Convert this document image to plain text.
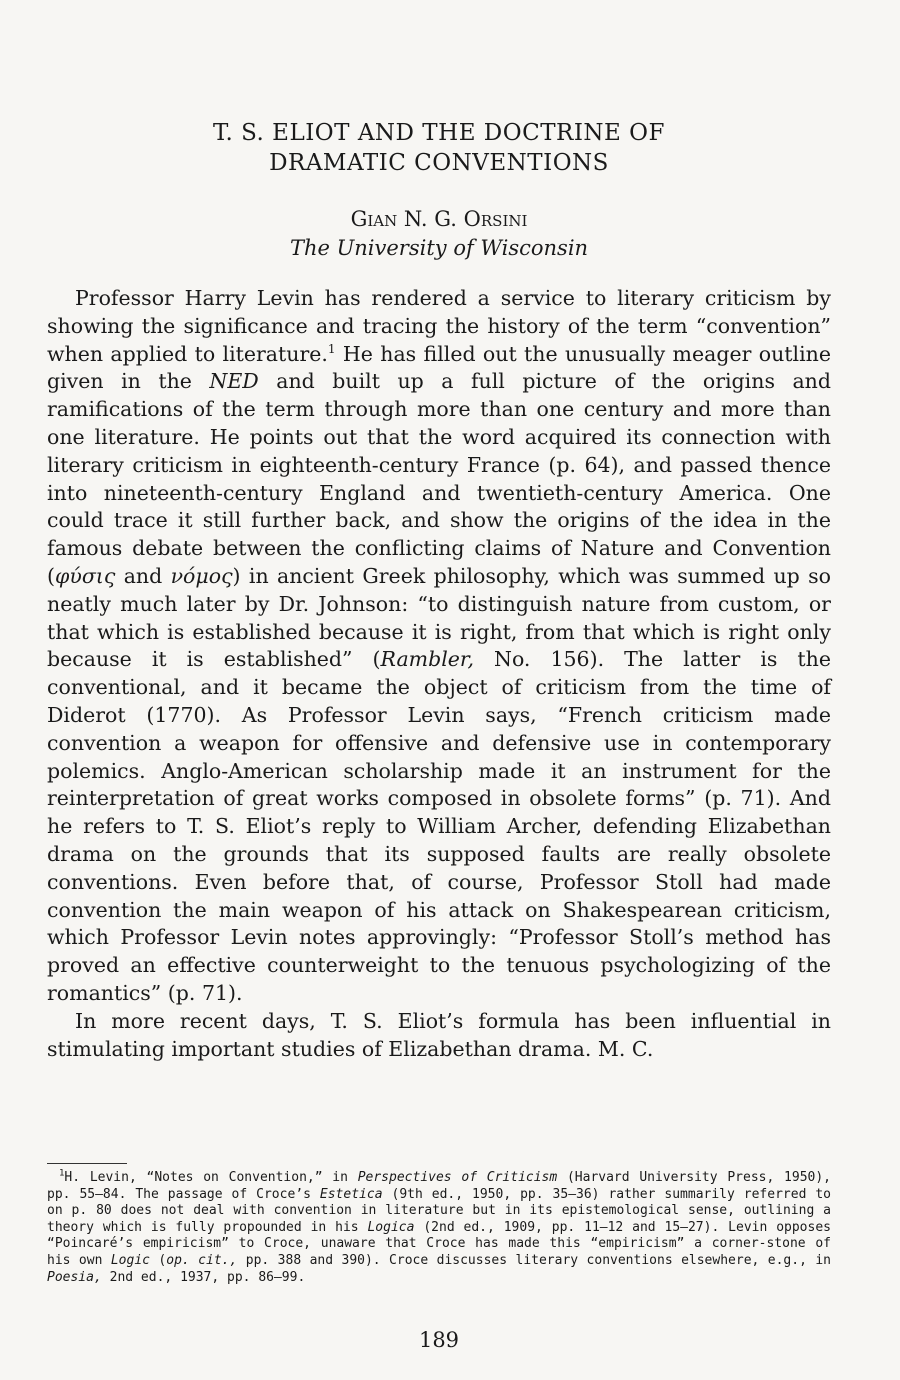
T. S. ELIOT AND THE DOCTRINE OF
DRAMATIC CONVENTIONS
Gian N. G. Orsini
The University of Wisconsin

Professor Harry Levin has rendered a service to literary criticism by showing the significance and tracing the history of the term “convention” when applied to literature.$^1$ He has filled out the unusually meager outline given in the NED and built up a full picture of the origins and ramifications of the term through more than one century and more than one literature. He points out that the word acquired its connection with literary criticism in eighteenth-century France (p. 64), and passed thence into nineteenth-century England and twentieth-century America. One could trace it still further back, and show the origins of the idea in the famous debate between the conflicting claims of Nature and Convention (φύσις and νόμος) in ancient Greek philosophy, which was summed up so neatly much later by Dr. Johnson: “to distinguish nature from custom, or that which is established because it is right, from that which is right only because it is established” (Rambler, No. 156). The latter is the conventional, and it became the object of criticism from the time of Diderot (1770). As Professor Levin says, “French criticism made convention a weapon for offensive and defensive use in contemporary polemics. Anglo-American scholarship made it an instrument for the reinterpretation of great works composed in obsolete forms” (p. 71). And he refers to T. S. Eliot’s reply to William Archer, defending Elizabethan drama on the grounds that its supposed faults are really obsolete conventions. Even before that, of course, Professor Stoll had made convention the main weapon of his attack on Shakespearean criticism, which Professor Levin notes approvingly: “Professor Stoll’s method has proved an effective counterweight to the tenuous psychologizing of the romantics” (p. 71).

In more recent days, T. S. Eliot’s formula has been influential in stimulating important studies of Elizabethan drama. M. C.

$^1$H. Levin, “Notes on Convention,” in Perspectives of Criticism (Harvard University Press, 1950), pp. 55–84. The passage of Croce’s Estetica (9th ed., 1950, pp. 35–36) rather summarily referred to on p. 80 does not deal with convention in literature but in its epistemological sense, outlining a theory which is fully propounded in his Logica (2nd ed., 1909, pp. 11–12 and 15–27). Levin opposes “Poincaré’s empiricism” to Croce, unaware that Croce has made this “empiricism” a corner-stone of his own Logic (op. cit., pp. 388 and 390). Croce discusses literary conventions elsewhere, e.g., in Poesia, 2nd ed., 1937, pp. 86–99.

189
